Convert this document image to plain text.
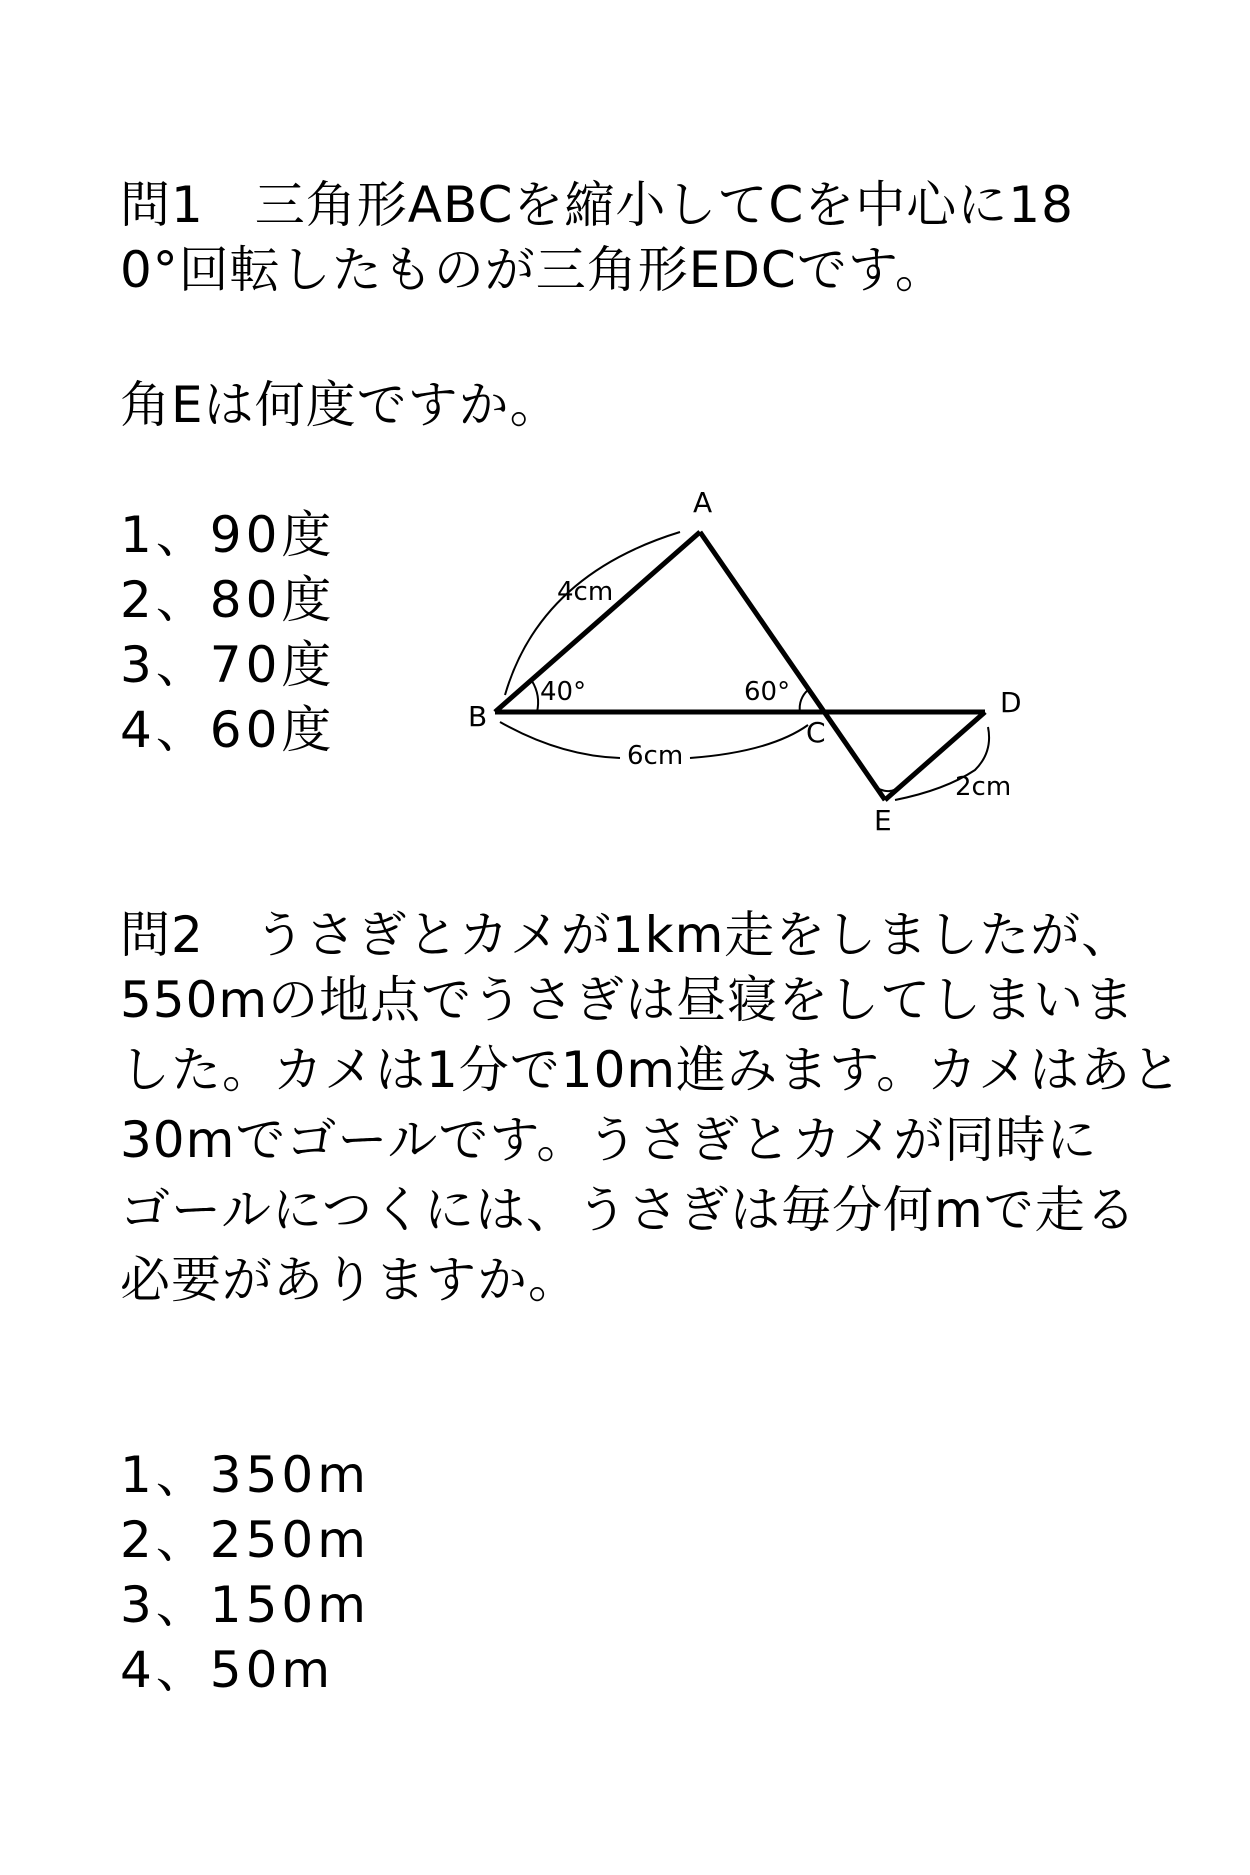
問1　三角形ABCを縮小してCを中心に18
0°回転したものが三角形EDCです。
角Eは何度ですか。
1、90度
2、80度
3、70度
4、60度
A
B	C
D
E
4cm
6cm
2cm
40°	60°
問2　うさぎとカメが1km走をしましたが、
550mの地点でうさぎは昼寝をしてしまいま
した。カメは1分で10m進みます。カメはあと
30mでゴールです。うさぎとカメが同時に
ゴールにつくには、うさぎは毎分何mで走る
必要がありますか。
1、350m
2、250m
3、150m
4、50m
